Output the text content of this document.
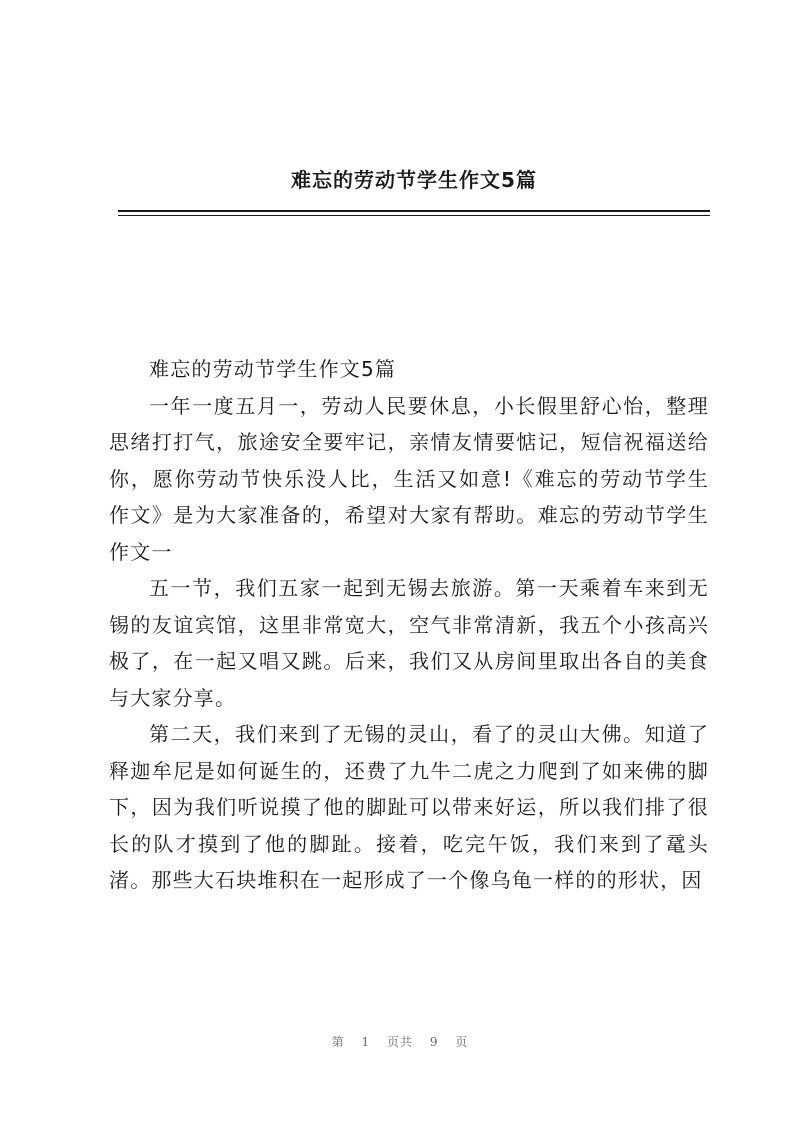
难忘的劳动节学生作文5篇

难忘的劳动节学生作文5篇

一年一度五月一，劳动人民要休息，小长假里舒心怡，整理思绪打打气，旅途安全要牢记，亲情友情要惦记，短信祝福送给你，愿你劳动节快乐没人比，生活又如意!《难忘的劳动节学生作文》是为大家准备的，希望对大家有帮助。难忘的劳动节学生作文一

五一节，我们五家一起到无锡去旅游。第一天乘着车来到无锡的友谊宾馆，这里非常宽大，空气非常清新，我五个小孩高兴极了，在一起又唱又跳。后来，我们又从房间里取出各自的美食与大家分享。

第二天，我们来到了无锡的灵山，看了的灵山大佛。知道了释迦牟尼是如何诞生的，还费了九牛二虎之力爬到了如来佛的脚下，因为我们听说摸了他的脚趾可以带来好运，所以我们排了很长的队才摸到了他的脚趾。接着，吃完午饭，我们来到了鼋头渚。那些大石块堆积在一起形成了一个像乌龟一样的的形状，因

第 1 页共 9 页
